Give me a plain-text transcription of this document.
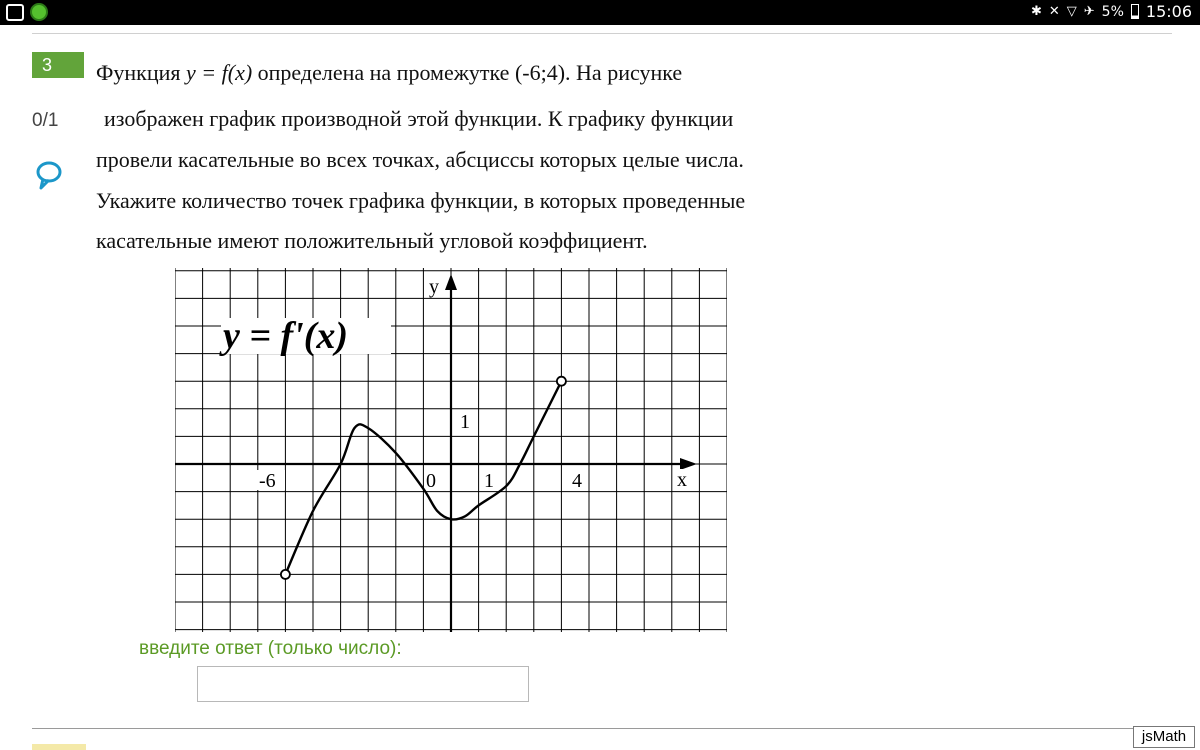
✱ ✕ ▽ ✈ 5% 15:06
3
0/1
Функция y = f(x) определена на промежутке (-6;4). На рисунке
изображен график производной этой функции. К графику функции
провели касательные во всех точках, абсциссы которых целые числа.
Укажите количество точек графика функции, в которых проведенные
касательные имеют положительный угловой коэффициент.
y = f'(x)
y
x
-6	0 1	4
1
введите ответ (только число):
jsMath
